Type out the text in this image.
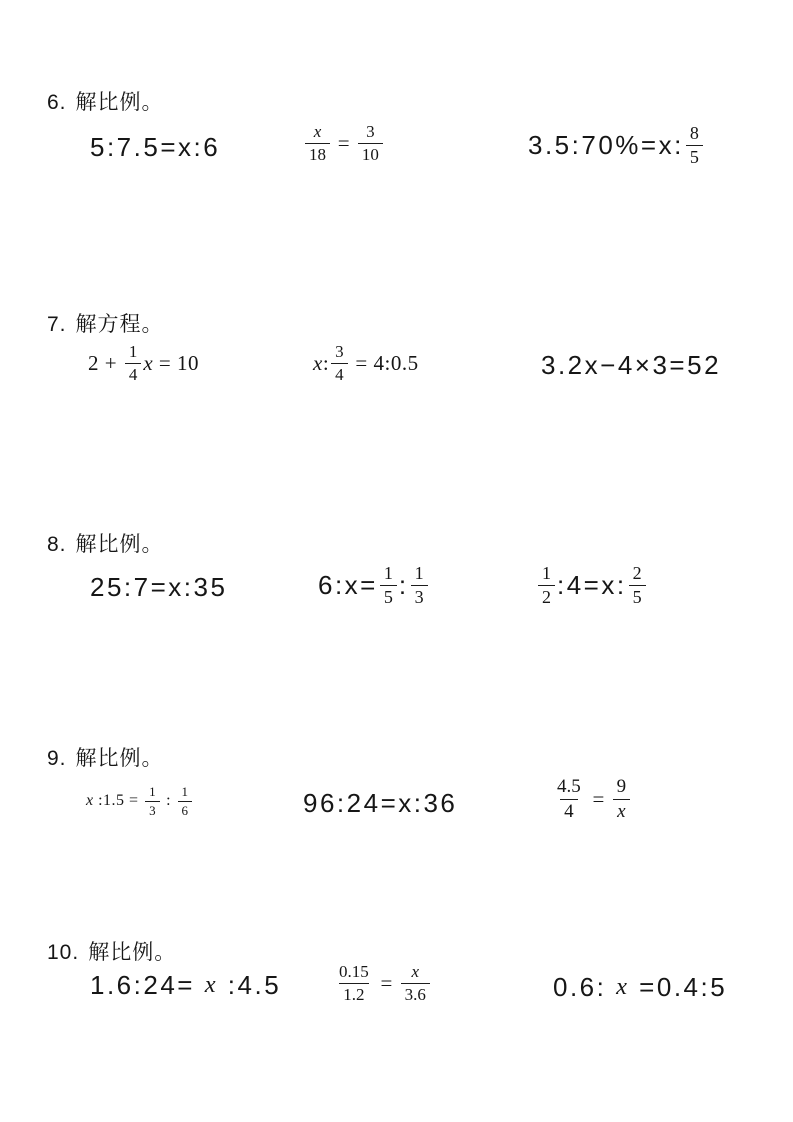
6. 解比例。
5:7.5=x:6	$\frac{x}{18} = \frac{3}{10}$	3.5:70%=x: $\frac{8}{5}$
7. 解方程。
$2 + \frac{1}{4}$ x = 10	x : $\frac{3}{4}$ = 4:0.5	3.2x−4×3=52
8. 解比例。
25:7=x:35	6:x= $\frac{1}{5}$ : $\frac{1}{3}$	$\frac{1}{2}$ :4=x: $\frac{2}{5}$
9. 解比例。
x :1.5 = $\frac{1}{3}$ : $\frac{1}{6}$	96:24=x:36	$\frac{4.5}{4} = \frac{9}{x}$
10. 解比例。
1.6:24= x :4.5	$\frac{0.15}{1.2} = \frac{x}{3.6}$	0.6: x =0.4:5
